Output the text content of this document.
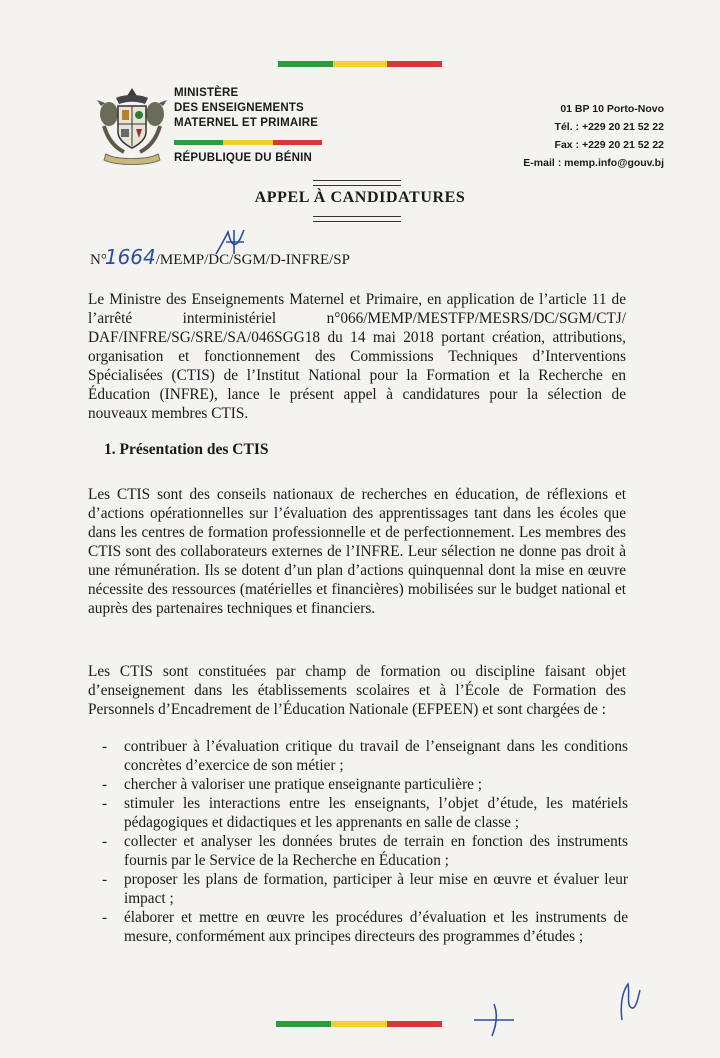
MINISTÈRE
DES ENSEIGNEMENTS
MATERNEL ET PRIMAIRE
RÉPUBLIQUE DU BÉNIN
01 BP 10 Porto-Novo
Tél. : +229 20 21 52 22
Fax : +229 20 21 52 22
E-mail : memp.info@gouv.bj
APPEL À CANDIDATURES
N°1664/MEMP/DC/SGM/D-INFRE/SP
Le Ministre des Enseignements Maternel et Primaire, en application de l’article 11 de l’arrêté interministériel n°066/MEMP/MESTFP/MESRS/DC/SGM/CTJ/ DAF/INFRE/SG/SRE/SA/046SGG18 du 14 mai 2018 portant création, attributions, organisation et fonctionnement des Commissions Techniques d’Interventions Spécialisées (CTIS) de l’Institut National pour la Formation et la Recherche en Éducation (INFRE), lance le présent appel à candidatures pour la sélection de nouveaux membres CTIS.
1. Présentation des CTIS
Les CTIS sont des conseils nationaux de recherches en éducation, de réflexions et d’actions opérationnelles sur l’évaluation des apprentissages tant dans les écoles que dans les centres de formation professionnelle et de perfectionnement. Les membres des CTIS sont des collaborateurs externes de l’INFRE. Leur sélection ne donne pas droit à une rémunération. Ils se dotent d’un plan d’actions quinquennal dont la mise en œuvre nécessite des ressources (matérielles et financières) mobilisées sur le budget national et auprès des partenaires techniques et financiers.
Les CTIS sont constituées par champ de formation ou discipline faisant objet d’enseignement dans les établissements scolaires et à l’École de Formation des Personnels d’Encadrement de l’Éducation Nationale (EFPEEN) et sont chargées de :
- contribuer à l’évaluation critique du travail de l’enseignant dans les conditions concrètes d’exercice de son métier ;
- chercher à valoriser une pratique enseignante particulière ;
- stimuler les interactions entre les enseignants, l’objet d’étude, les matériels pédagogiques et didactiques et les apprenants en salle de classe ;
- collecter et analyser les données brutes de terrain en fonction des instruments fournis par le Service de la Recherche en Éducation ;
- proposer les plans de formation, participer à leur mise en œuvre et évaluer leur impact ;
- élaborer et mettre en œuvre les procédures d’évaluation et les instruments de mesure, conformément aux principes directeurs des programmes d’études ;
